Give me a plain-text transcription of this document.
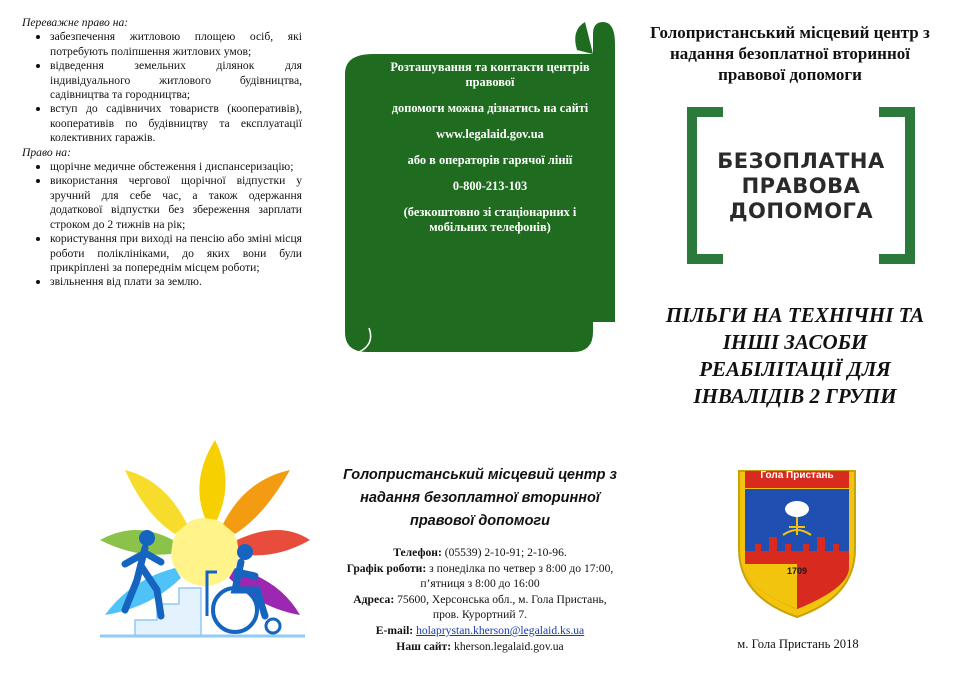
Переважне право на:

забезпечення житловою площею осіб, які потребують поліпшення житлових умов;
відведення земельних ділянок для індивідуального житлового будівництва, садівництва та городництва;
вступ до садівничих товариств (кооперативів), кооперативів по будівництву та експлуатації колективних гаражів.

Право на:

щорічне медичне обстеження і диспансеризацію;
використання чергової щорічної відпустки у зручний для себе час, а також одержання додаткової відпустки без збереження зарплати строком до 2 тижнів на рік;
користування при виході на пенсію або зміні місця роботи поліклініками, до яких вони були прикріплені за попереднім місцем роботи;
звільнення від плати за землю.

Розташування та контакти центрів правової

допомоги можна дізнатись на сайті

www.legalaid.gov.ua

або в операторів гарячої лінії

0-800-213-103

(безкоштовно зі стаціонарних і мобільних телефонів)

Голопристанський місцевий центр з надання безоплатної вторинної правової допомоги
БЕЗОПЛАТНА
ПРАВОВА
ДОПОМОГА
ПІЛЬГИ НА ТЕХНІЧНІ ТА ІНШІ ЗАСОБИ РЕАБІЛІТАЦІЇ ДЛЯ ІНВАЛІДІВ 2 ГРУПИ
Гола Пристань
1709
м. Гола Пристань 2018
Голопристанський місцевий центр з надання безоплатної вторинної правової допомоги
Телефон: (05539) 2-10-91; 2-10-96.
Графік роботи: з понеділка по четвер з 8:00 до 17:00, п’ятниця з 8:00 до 16:00
Адреса: 75600, Херсонська обл., м. Гола Пристань, пров. Курортний 7.
E-mail: holaprystan.kherson@legalaid.ks.ua
Наш сайт: kherson.legalaid.gov.ua
